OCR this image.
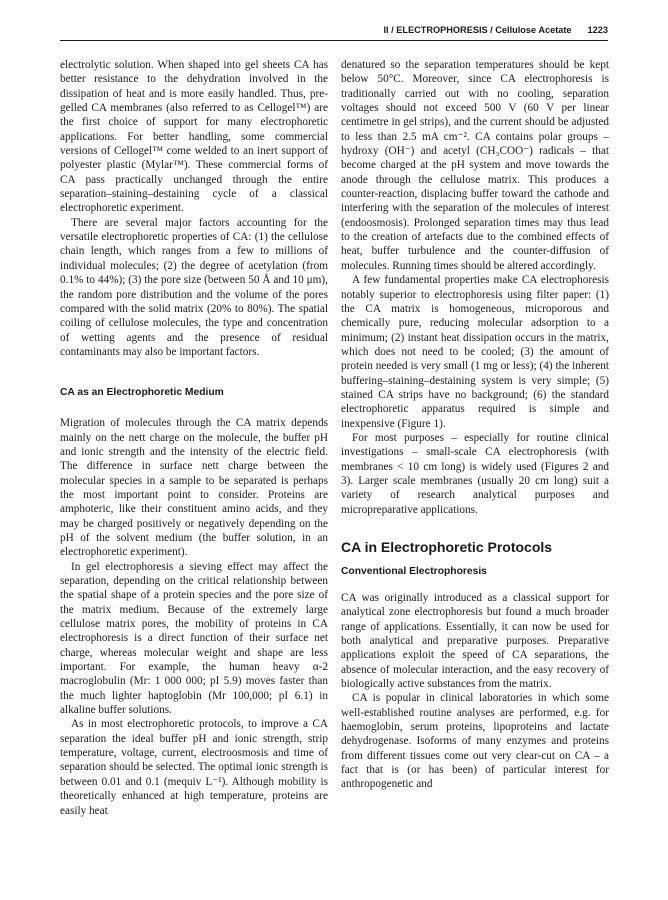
II / ELECTROPHORESIS / Cellulose Acetate 1223

electrolytic solution. When shaped into gel sheets CA has better resistance to the dehydration involved in the dissipation of heat and is more easily handled. Thus, pre-gelled CA membranes (also referred to as Cellogel™) are the first choice of support for many electrophoretic applications. For better handling, some commercial versions of Cellogel™ come welded to an inert support of polyester plastic (Mylar™). These commercial forms of CA pass practically unchanged through the entire separation–staining–destaining cycle of a classical electrophoretic experiment.

There are several major factors accounting for the versatile electrophoretic properties of CA: (1) the cellulose chain length, which ranges from a few to millions of individual molecules; (2) the degree of acetylation (from 0.1% to 44%); (3) the pore size (between 50 Å and 10 μm), the random pore distribution and the volume of the pores compared with the solid matrix (20% to 80%). The spatial coiling of cellulose molecules, the type and concentration of wetting agents and the presence of residual contaminants may also be important factors.

CA as an Electrophoretic Medium

Migration of molecules through the CA matrix depends mainly on the nett charge on the molecule, the buffer pH and ionic strength and the intensity of the electric field. The difference in surface nett charge between the molecular species in a sample to be separated is perhaps the most important point to consider. Proteins are amphoteric, like their constituent amino acids, and they may be charged positively or negatively depending on the pH of the solvent medium (the buffer solution, in an electrophoretic experiment).

In gel electrophoresis a sieving effect may affect the separation, depending on the critical relationship between the spatial shape of a protein species and the pore size of the matrix medium. Because of the extremely large cellulose matrix pores, the mobility of proteins in CA electrophoresis is a direct function of their surface net charge, whereas molecular weight and shape are less important. For example, the human heavy α-2 macroglobulin (Mr: 1 000 000; pI 5.9) moves faster than the much lighter haptoglobin (Mr 100,000; pI 6.1) in alkaline buffer solutions.

As in most electrophoretic protocols, to improve a CA separation the ideal buffer pH and ionic strength, strip temperature, voltage, current, electroosmosis and time of separation should be selected. The optimal ionic strength is between 0.01 and 0.1 (mequiv L⁻¹). Although mobility is theoretically enhanced at high temperature, proteins are easily heat

denatured so the separation temperatures should be kept below 50°C. Moreover, since CA electrophoresis is traditionally carried out with no cooling, separation voltages should not exceed 500 V (60 V per linear centimetre in gel strips), and the current should be adjusted to less than 2.5 mA cm⁻². CA contains polar groups – hydroxy (OH⁻) and acetyl (CH₃COO⁻) radicals – that become charged at the pH system and move towards the anode through the cellulose matrix. This produces a counter-reaction, displacing buffer toward the cathode and interfering with the separation of the molecules of interest (endoosmosis). Prolonged separation times may thus lead to the creation of artefacts due to the combined effects of heat, buffer turbulence and the counter-diffusion of molecules. Running times should be altered accordingly.

A few fundamental properties make CA electrophoresis notably superior to electrophoresis using filter paper: (1) the CA matrix is homogeneous, microporous and chemically pure, reducing molecular adsorption to a minimum; (2) instant heat dissipation occurs in the matrix, which does not need to be cooled; (3) the amount of protein needed is very small (1 mg or less); (4) the inherent buffering–staining–destaining system is very simple; (5) stained CA strips have no background; (6) the standard electrophoretic apparatus required is simple and inexpensive (Figure 1).

For most purposes – especially for routine clinical investigations – small-scale CA electrophoresis (with membranes < 10 cm long) is widely used (Figures 2 and 3). Larger scale membranes (usually 20 cm long) suit a variety of research analytical purposes and micropreparative applications.

CA in Electrophoretic Protocols
Conventional Electrophoresis

CA was originally introduced as a classical support for analytical zone electrophoresis but found a much broader range of applications. Essentially, it can now be used for both analytical and preparative purposes. Preparative applications exploit the speed of CA separations, the absence of molecular interaction, and the easy recovery of biologically active substances from the matrix.

CA is popular in clinical laboratories in which some well-established routine analyses are performed, e.g. for haemoglobin, serum proteins, lipoproteins and lactate dehydrogenase. Isoforms of many enzymes and proteins from different tissues come out very clear-cut on CA – a fact that is (or has been) of particular interest for anthropogenetic and
